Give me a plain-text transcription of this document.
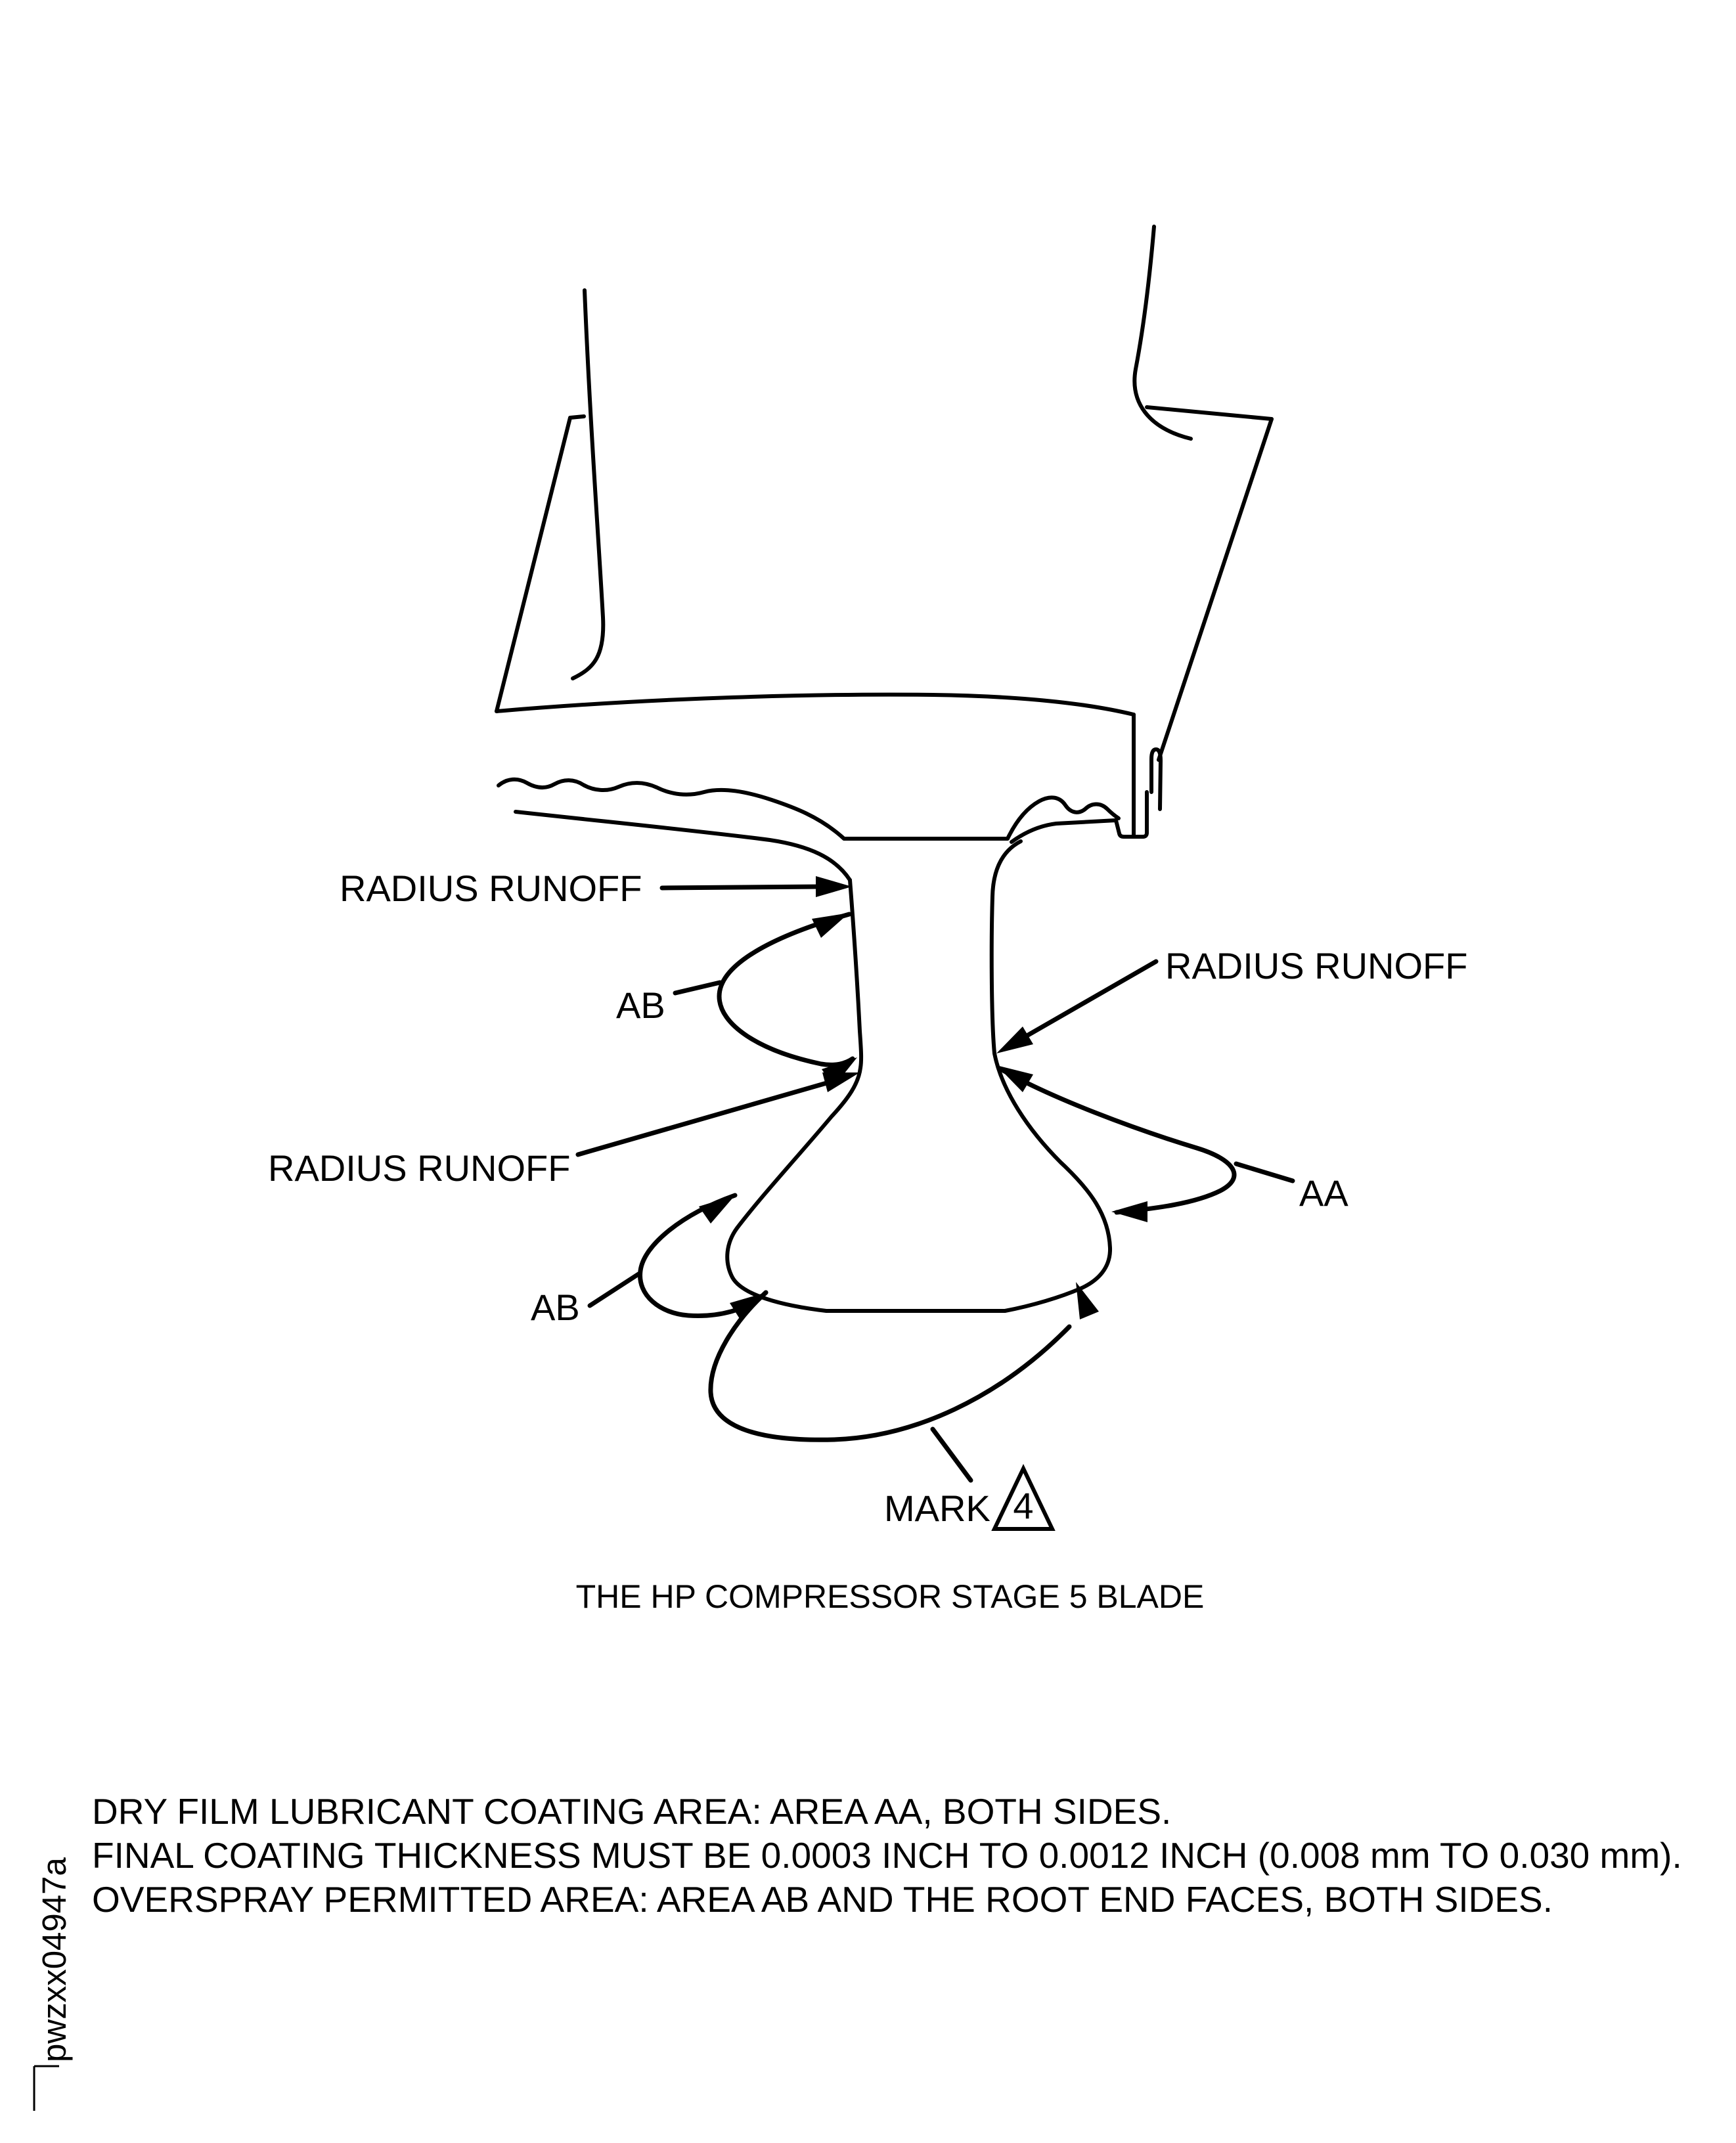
RADIUS RUNOFF
AB
RADIUS RUNOFF
RADIUS RUNOFF
AA
AB
MARK 4
THE HP COMPRESSOR STAGE 5 BLADE
DRY FILM LUBRICANT COATING AREA: AREA AA, BOTH SIDES.
FINAL COATING THICKNESS MUST BE 0.0003 INCH TO 0.0012 INCH (0.008 mm TO 0.030 mm).
OVERSPRAY PERMITTED AREA: AREA AB AND THE ROOT END FACES, BOTH SIDES.
pwzxx04947a
